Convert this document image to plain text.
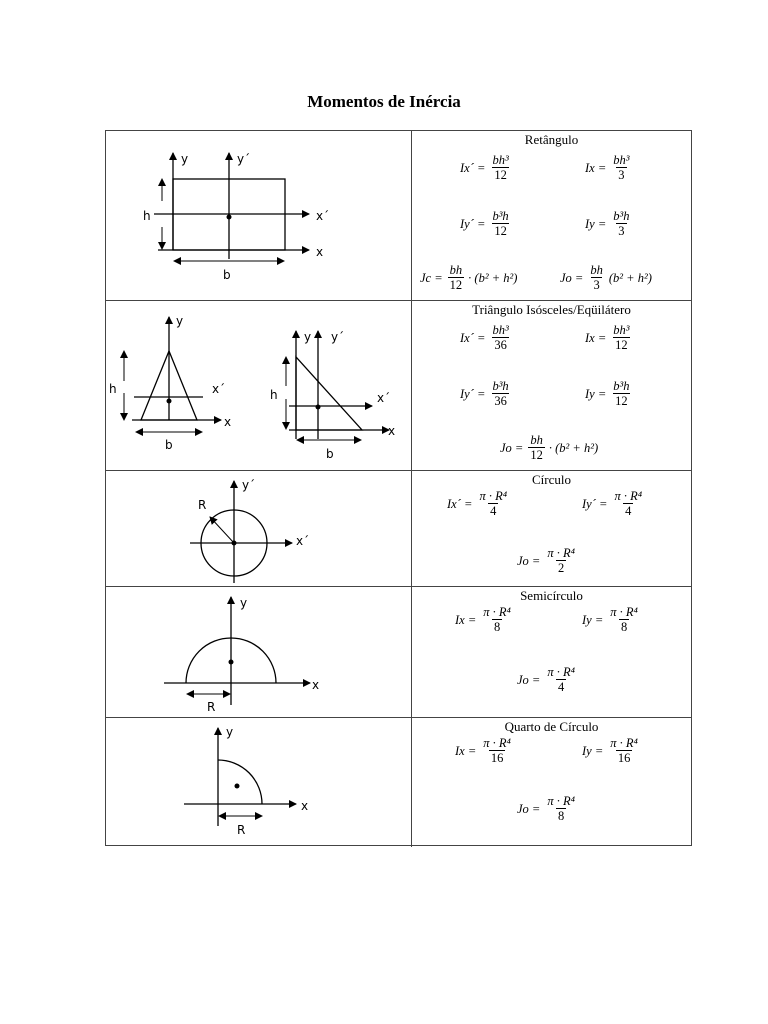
Momentos de Inércia
y	y´
x´
x
h
b
Retângulo
Ix´ = $\frac{\text{bh³}}{12}$	$Ix = \frac{\text{bh³}}{3}$
Iy´ = $\frac{\text{b³h}}{12}$	$Iy = \frac{\text{b³h}}{3}$
$Jc = \frac{bh}{12} \cdot (b^2 + h^2)$	$Jo = \frac{bh}{3} (b^2 + h^2)$
y
x
x´
h
b
y y´
x´
x
h
b
Triângulo Isósceles/Eqüilátero
Ix´ = $\frac{\text{bh³}}{36}$	$Ix = \frac{\text{bh³}}{12}$
Iy´ = $\frac{\text{b³h}}{36}$	$Iy = \frac{\text{b³h}}{12}$
$Jo = \frac{bh}{12} \cdot (b^2 + h^2)$
y´
x´
R
Círculo
Ix´ = $\frac{\text{π · R⁴}}{4}$	Iy´ = $\frac{\text{π · R⁴}}{4}$
$Jo = \frac{\text{π · R⁴}}{2}$
y
x
R
Semicírculo
$Ix = \frac{\text{π · R⁴}}{8}$	$Iy = \frac{\text{π · R⁴}}{8}$
$Jo = \frac{\text{π · R⁴}}{4}$
y
x
R
Quarto de Círculo
$Ix = \frac{\text{π · R⁴}}{16}$	$Iy = \frac{\text{π · R⁴}}{16}$
$Jo = \frac{\text{π · R⁴}}{8}$
